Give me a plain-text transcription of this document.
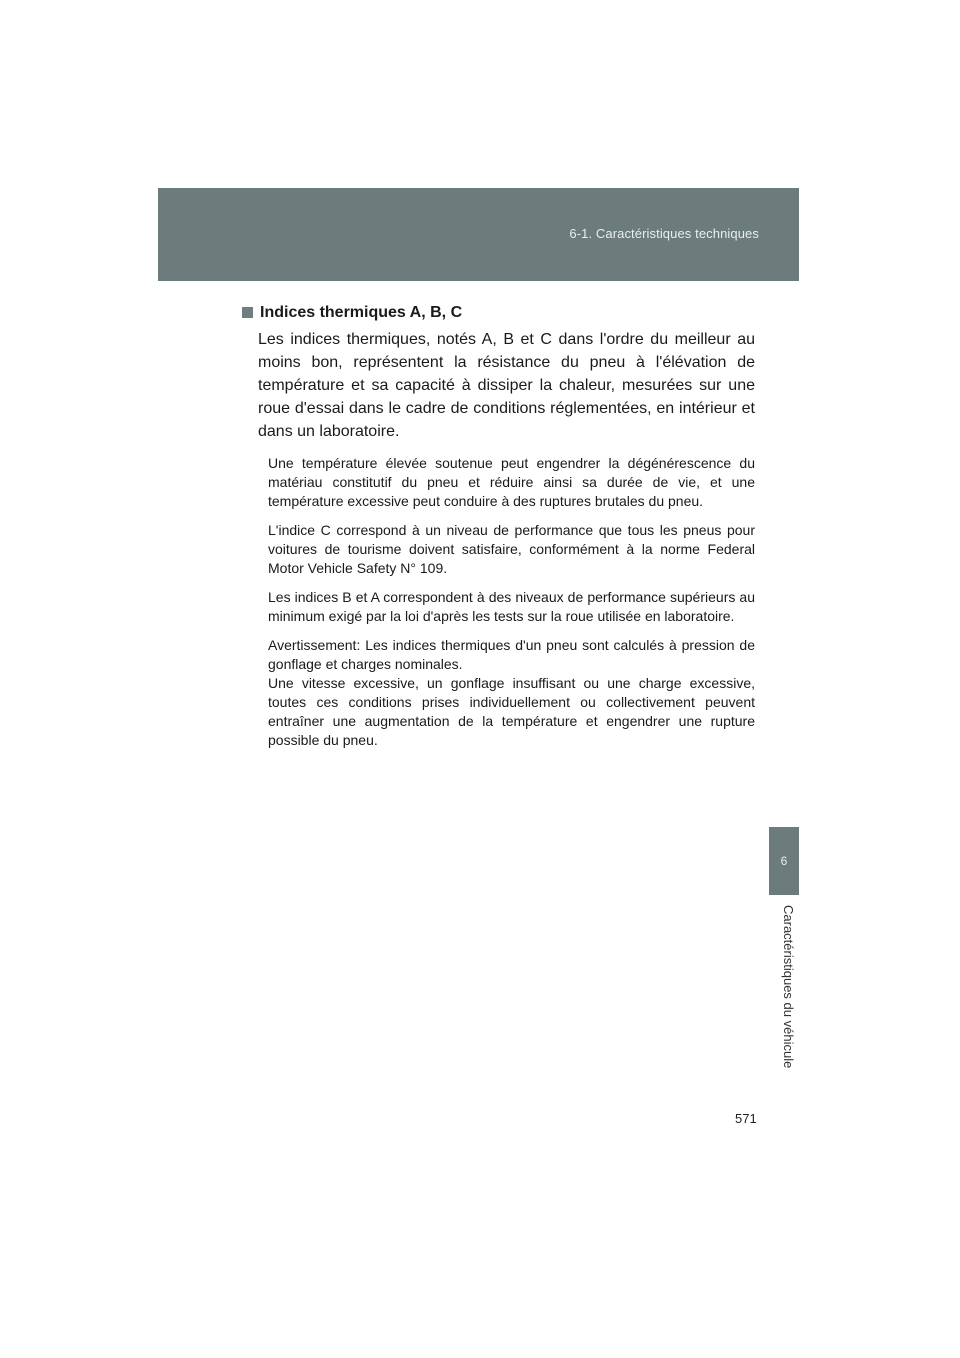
6-1. Caractéristiques techniques
6
Caractéristiques du véhicule
Indices thermiques A, B, C

Les indices thermiques, notés A, B et C dans l'ordre du meilleur au moins bon, représentent la résistance du pneu à l'élévation de température et sa capacité à dissiper la chaleur, mesurées sur une roue d'essai dans le cadre de conditions réglementées, en intérieur et dans un laboratoire.

Une température élevée soutenue peut engendrer la dégénérescence du matériau constitutif du pneu et réduire ainsi sa durée de vie, et une température excessive peut conduire à des ruptures brutales du pneu.

L'indice C correspond à un niveau de performance que tous les pneus pour voitures de tourisme doivent satisfaire, conformément à la norme Federal Motor Vehicle Safety N° 109.

Les indices B et A correspondent à des niveaux de performance supérieurs au minimum exigé par la loi d'après les tests sur la roue utilisée en laboratoire.

Avertissement: Les indices thermiques d'un pneu sont calculés à pression de gonflage et charges nominales.

Une vitesse excessive, un gonflage insuffisant ou une charge excessive, toutes ces conditions prises individuellement ou collectivement peuvent entraîner une augmentation de la température et engendrer une rupture possible du pneu.

571
